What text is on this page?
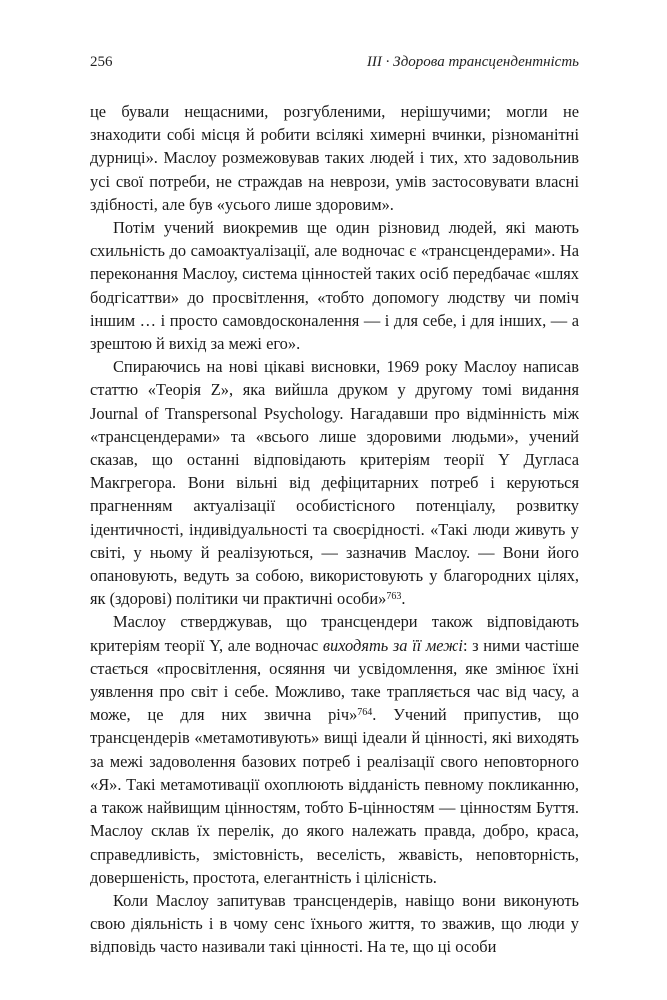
256	III · Здорова трансцендентність

це бували нещасними, розгубленими, нерішучими; могли не знаходити собі місця й робити всілякі химерні вчинки, різноманітні дурниці». Маслоу розмежовував таких людей і тих, хто задовольнив усі свої потреби, не страждав на неврози, умів застосовувати власні здібності, але був «усього лише здоровим».

Потім учений виокремив ще один різновид людей, які мають схильність до самоактуалізації, але водночас є «трансцендерами». На переконання Маслоу, система цінностей таких осіб передбачає «шлях бодгісаттви» до просвітлення, «тобто допомогу людству чи поміч іншим … і просто самовдосконалення — і для себе, і для інших, — а зрештою й вихід за межі его».

Спираючись на нові цікаві висновки, 1969 року Маслоу написав статтю «Теорія Z», яка вийшла друком у другому томі видання Journal of Transpersonal Psychology. Нагадавши про відмінність між «трансцендерами» та «всього лише здоровими людьми», учений сказав, що останні відповідають критеріям теорії Y Дугласа Макгрегора. Вони вільні від дефіцитарних потреб і керуються прагненням актуалізації особистісного потенціалу, розвитку ідентичності, індивідуальності та своєрідності. «Такі люди живуть у світі, у ньому й реалізуються, — зазначив Маслоу. — Вони його опановують, ведуть за собою, використовують у благородних цілях, як (здорові) політики чи практичні особи»$^{763}$.

Маслоу стверджував, що трансцендери також відповідають критеріям теорії Y, але водночас виходять за її межі: з ними частіше стається «просвітлення, осяяння чи усвідомлення, яке змінює їхні уявлення про світ і себе. Можливо, таке трапляється час від часу, а може, це для них звична річ»$^{764}$. Учений припустив, що трансцендерів «метамотивують» вищі ідеали й цінності, які виходять за межі задоволення базових потреб і реалізації свого неповторного «Я». Такі метамотивації охоплюють відданість певному покликанню, а також найвищим цінностям, тобто Б-цінностям — цінностям Буття. Маслоу склав їх перелік, до якого належать правда, добро, краса, справедливість, змістовність, веселість, жвавість, неповторність, довершеність, простота, елегантність і цілісність.

Коли Маслоу запитував трансцендерів, навіщо вони виконують свою діяльність і в чому сенс їхнього життя, то зважив, що люди у відповідь часто називали такі цінності. На те, що ці особи
